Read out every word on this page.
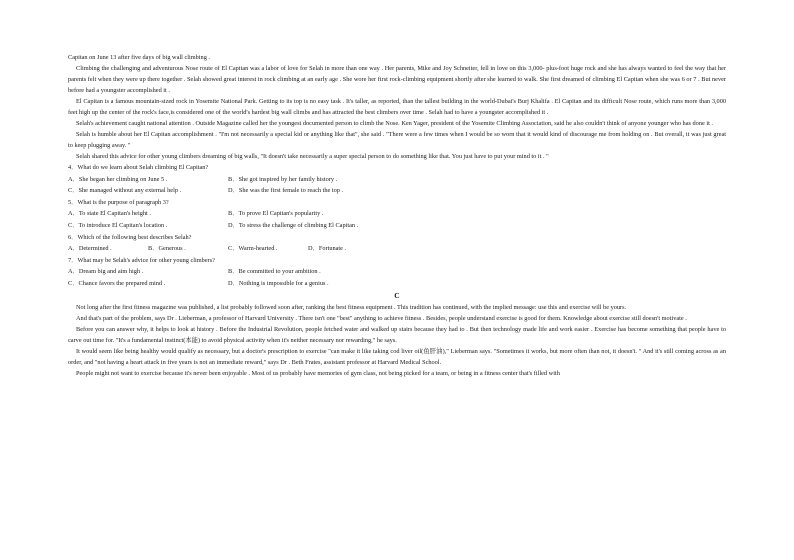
Capitan on June 13 after five days of big wall climbing .

Climbing the challenging and adventurous Nose route of El Capitan was a labor of love for Selah in more than one way . Her parents, Mike and Joy Schneiter, fell in love on this 3,000- plus-foot huge rock and she has always wanted to feel the way that her parents felt when they were up there together . Selah showed great interest in rock climbing at an early age . She wore her first rock-climbing equipment shortly after she learned to walk. She first dreamed of climbing El Capitan when she was 6 or 7 . But never before had a youngster accomplished it .

El Capitan is a famous mountain-sized rock in Yosemite National Park. Getting to its top is no easy task . It's taller, as reported, than the tallest building in the world-Dubai's Burj Khalifa . El Capitan and its difficult Nose route, which runs more than 3,000 feet high up the center of the rock's face,is considered one of the world's hardest big wall climbs and has attracted the best climbers over time . Selah had to have a youngster accomplished it .

Selah's achievement caught national attention . Outside Magazine called her the youngest documented person to climb the Nose. Ken Yager, president of the Yosemite Climbing Association, said he also couldn't think of anyone younger who has done it .

Selah is humble about her El Capitan accomplishment . "I'm not necessarily a special kid or anything like that", she said . "There were a few times when I would be so worn that it would kind of discourage me from holding on . But overall, it was just great to keep plugging away. "

Selah shared this advice for other young climbers dreaming of big walls, "It doesn't take necessarily a super special person to do something like that. You just have to put your mind to it . "

4．What do we learn about Selah climbing El Capitan?

A．She began her climbing on June 5 .	B．She got inspired by her family history .
C．She managed without any external help .	D．She was the first female to reach the top .

5．What is the purpose of paragraph 3?

A．To state El Capitan's height .	B．To prove El Capitan's popularity .
C．To introduce El Capitan's location .	D．To stress the challenge of climbing El Capitan .

6．Which of the following best describes Selah?

A．Determined .	B．Generous .	C．Warm-hearted .	D．Fortunate .

7．What may be Selah's advice for other young climbers?

A．Dream big and aim high .	B．Be committed to your ambition .
C．Chance favors the prepared mind .	D．Nothing is impossible for a genius .

C

Not long after the first fitness magazine was published, a list probably followed soon after, ranking the best fitness equipment . This tradition has continued, with the implied message: use this and exercise will be yours.

And that's part of the problem, says Dr . Lieberman, a professor of Harvard University . There isn't one "best" anything to achieve fitness . Besides, people understand exercise is good for them. Knowledge about exercise still doesn't motivate .

Before you can answer why, it helps to look at history . Before the Industrial Revolution, people fetched water and walked up stairs because they had to . But then technology made life and work easier . Exercise has become something that people have to carve out time for. "It's a fundamental instinct(本能) to avoid physical activity when it's neither necessary nor rewarding," he says.

It would seem like being healthy would qualify as necessary, but a doctor's prescription to exercise "can make it like taking cod liver oil(鱼肝油)," Lieberman says. "Sometimes it works, but more often than not, it doesn't. " And it's still coming across as an order, and "not having a heart attack in five years is not an immediate reward," says Dr . Beth Frates, assistant professor at Harvard Medical School.

People might not want to exercise because it's never been enjoyable . Most of us probably have memories of gym class, not being picked for a team, or being in a fitness center that's filled with
